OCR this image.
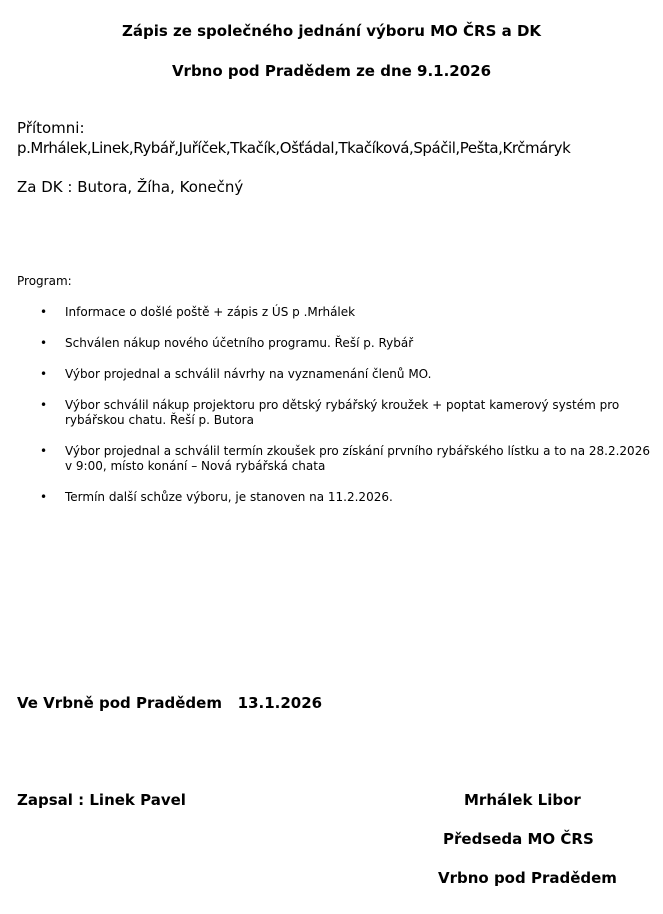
Zápis ze společného jednání výboru MO ČRS a DK
Vrbno pod Pradědem ze dne 9.1.2026
Přítomni:
p.Mrhálek,Linek,Rybář,Juříček,Tkačík,Ošťádal,Tkačíková,Spáčil,Pešta,Krčmáryk
Za DK : Butora, Žíha, Konečný
Program:
• Informace o došlé poště + zápis z ÚS p .Mrhálek
• Schválen nákup nového účetního programu. Řeší p. Rybář
• Výbor projednal a schválil návrhy na vyznamenání členů MO.
• Výbor schválil nákup projektoru pro dětský rybářský kroužek + poptat kamerový systém pro rybářskou chatu. Řeší p. Butora
• Výbor projednal a schválil termín zkoušek pro získání prvního rybářského lístku a to na 28.2.2026 v 9:00, místo konání – Nová rybářská chata
• Termín další schůze výboru, je stanoven na 11.2.2026.
Ve Vrbně pod Pradědem   13.1.2026
Zapsal : Linek Pavel	Mrhálek Libor
Předseda MO ČRS
Vrbno pod Pradědem
